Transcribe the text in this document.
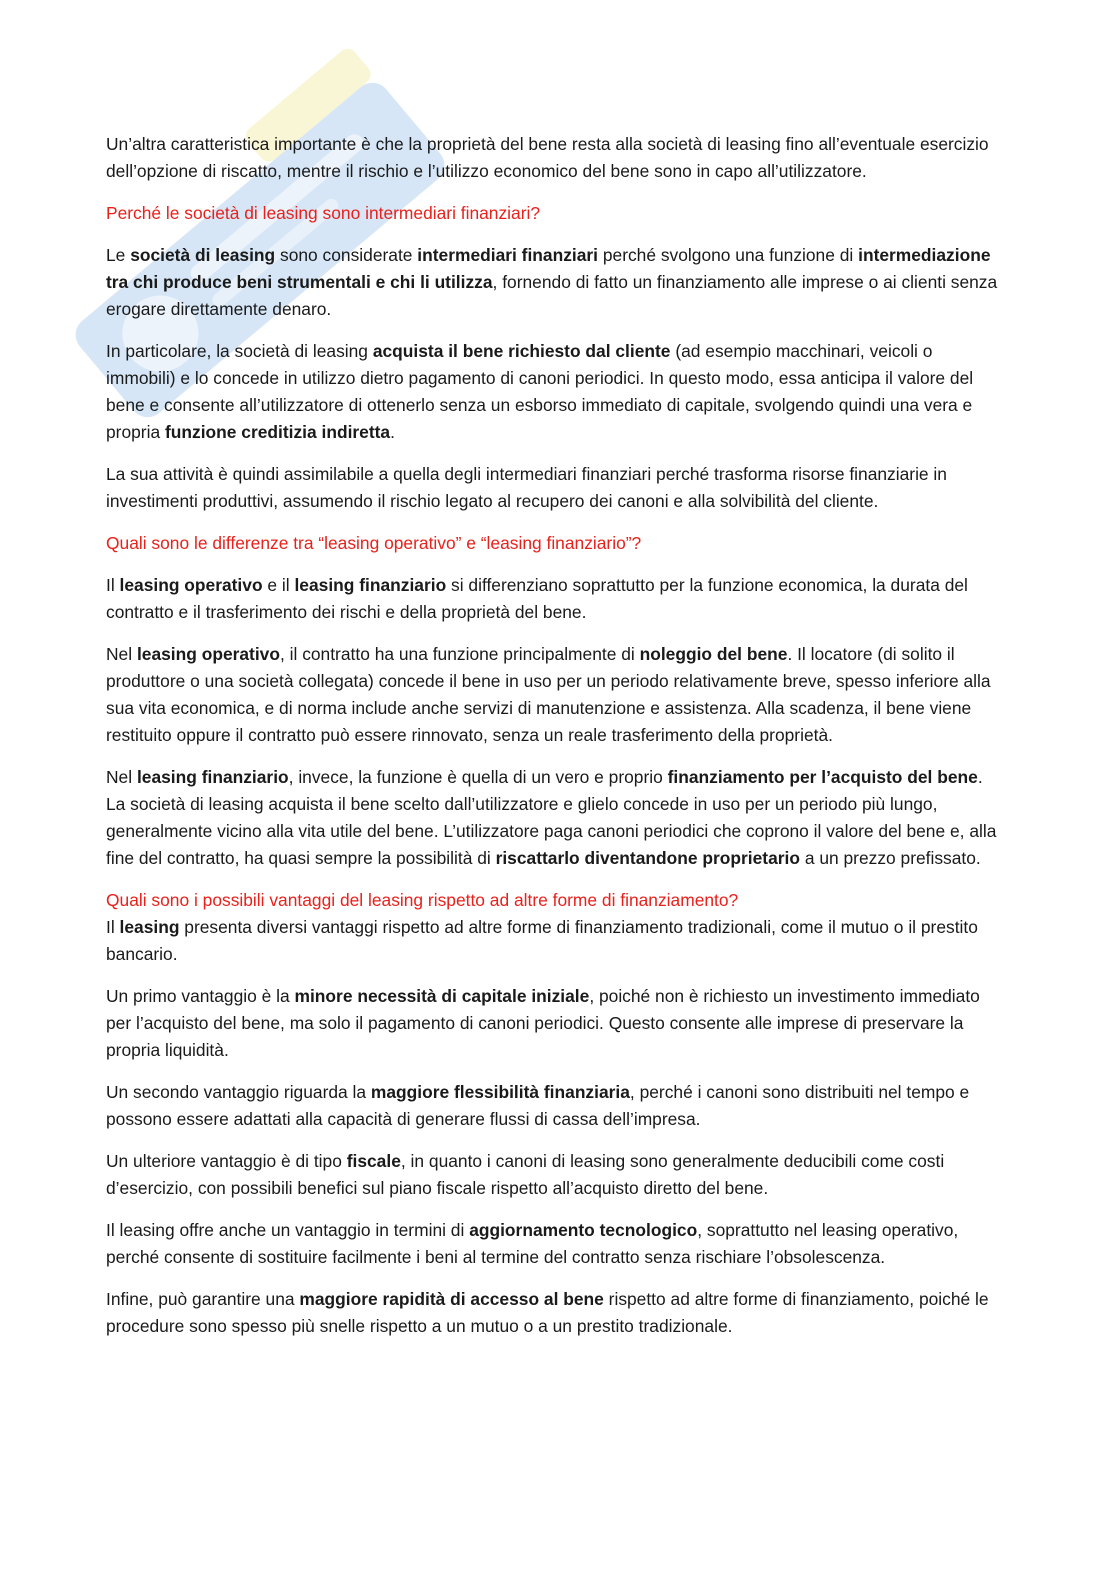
Un’altra caratteristica importante è che la proprietà del bene resta alla società di leasing fino all’eventuale esercizio dell’opzione di riscatto, mentre il rischio e l’utilizzo economico del bene sono in capo all’utilizzatore.
Perché le società di leasing sono intermediari finanziari?
Le società di leasing sono considerate intermediari finanziari perché svolgono una funzione di intermediazione tra chi produce beni strumentali e chi li utilizza, fornendo di fatto un finanziamento alle imprese o ai clienti senza erogare direttamente denaro.
In particolare, la società di leasing acquista il bene richiesto dal cliente (ad esempio macchinari, veicoli o immobili) e lo concede in utilizzo dietro pagamento di canoni periodici. In questo modo, essa anticipa il valore del bene e consente all’utilizzatore di ottenerlo senza un esborso immediato di capitale, svolgendo quindi una vera e propria funzione creditizia indiretta.
La sua attività è quindi assimilabile a quella degli intermediari finanziari perché trasforma risorse finanziarie in investimenti produttivi, assumendo il rischio legato al recupero dei canoni e alla solvibilità del cliente.
Quali sono le differenze tra “leasing operativo” e “leasing finanziario”?
Il leasing operativo e il leasing finanziario si differenziano soprattutto per la funzione economica, la durata del contratto e il trasferimento dei rischi e della proprietà del bene.
Nel leasing operativo, il contratto ha una funzione principalmente di noleggio del bene. Il locatore (di solito il produttore o una società collegata) concede il bene in uso per un periodo relativamente breve, spesso inferiore alla sua vita economica, e di norma include anche servizi di manutenzione e assistenza. Alla scadenza, il bene viene restituito oppure il contratto può essere rinnovato, senza un reale trasferimento della proprietà.
Nel leasing finanziario, invece, la funzione è quella di un vero e proprio finanziamento per l’acquisto del bene. La società di leasing acquista il bene scelto dall’utilizzatore e glielo concede in uso per un periodo più lungo, generalmente vicino alla vita utile del bene. L’utilizzatore paga canoni periodici che coprono il valore del bene e, alla fine del contratto, ha quasi sempre la possibilità di riscattarlo diventandone proprietario a un prezzo prefissato.
Quali sono i possibili vantaggi del leasing rispetto ad altre forme di finanziamento?
Il leasing presenta diversi vantaggi rispetto ad altre forme di finanziamento tradizionali, come il mutuo o il prestito bancario.
Un primo vantaggio è la minore necessità di capitale iniziale, poiché non è richiesto un investimento immediato per l’acquisto del bene, ma solo il pagamento di canoni periodici. Questo consente alle imprese di preservare la propria liquidità.
Un secondo vantaggio riguarda la maggiore flessibilità finanziaria, perché i canoni sono distribuiti nel tempo e possono essere adattati alla capacità di generare flussi di cassa dell’impresa.
Un ulteriore vantaggio è di tipo fiscale, in quanto i canoni di leasing sono generalmente deducibili come costi d’esercizio, con possibili benefici sul piano fiscale rispetto all’acquisto diretto del bene.
Il leasing offre anche un vantaggio in termini di aggiornamento tecnologico, soprattutto nel leasing operativo, perché consente di sostituire facilmente i beni al termine del contratto senza rischiare l’obsolescenza.
Infine, può garantire una maggiore rapidità di accesso al bene rispetto ad altre forme di finanziamento, poiché le procedure sono spesso più snelle rispetto a un mutuo o a un prestito tradizionale.
